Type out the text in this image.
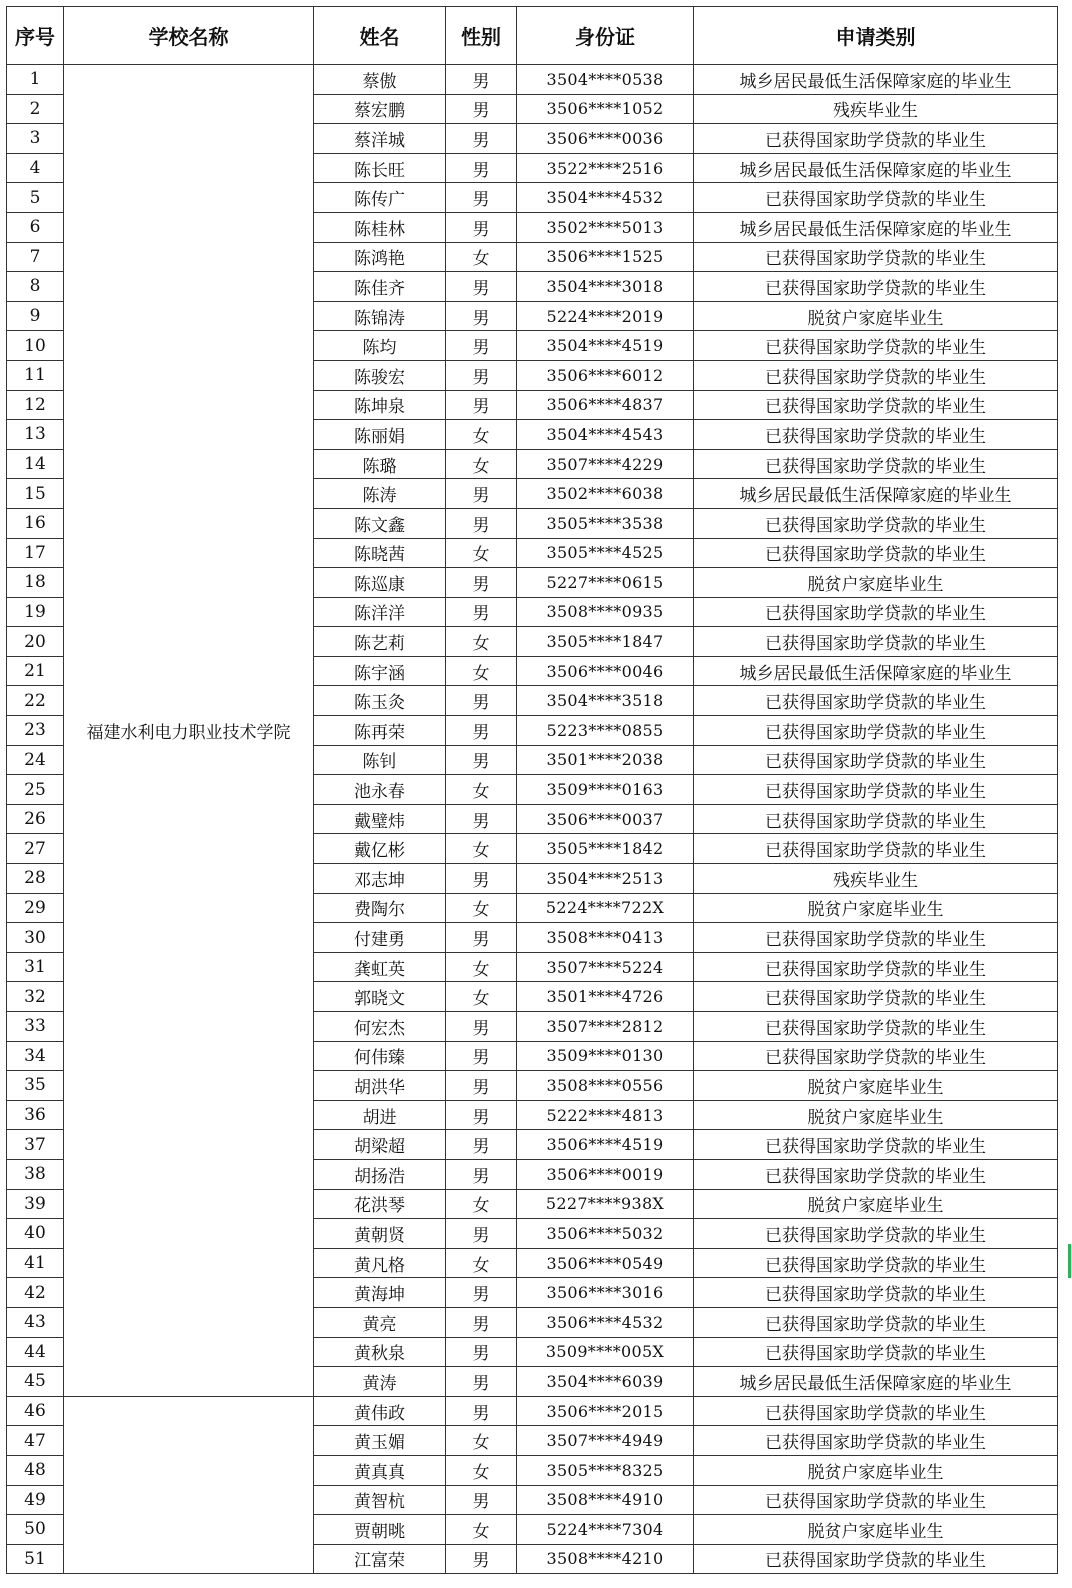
序号	学校名称	姓名	性别	身份证	申请类别
1	福建水利电力职业技术学院	蔡傲	男	3504****0538	城乡居民最低生活保障家庭的毕业生
2		蔡宏鹏	男	3506****1052	残疾毕业生
3		蔡洋城	男	3506****0036	已获得国家助学贷款的毕业生
4		陈长旺	男	3522****2516	城乡居民最低生活保障家庭的毕业生
5		陈传广	男	3504****4532	已获得国家助学贷款的毕业生
6		陈桂林	男	3502****5013	城乡居民最低生活保障家庭的毕业生
7		陈鸿艳	女	3506****1525	已获得国家助学贷款的毕业生
8		陈佳齐	男	3504****3018	已获得国家助学贷款的毕业生
9		陈锦涛	男	5224****2019	脱贫户家庭毕业生
10		陈均	男	3504****4519	已获得国家助学贷款的毕业生
11		陈骏宏	男	3506****6012	已获得国家助学贷款的毕业生
12		陈坤泉	男	3506****4837	已获得国家助学贷款的毕业生
13		陈丽娟	女	3504****4543	已获得国家助学贷款的毕业生
14		陈璐	女	3507****4229	已获得国家助学贷款的毕业生
15		陈涛	男	3502****6038	城乡居民最低生活保障家庭的毕业生
16		陈文鑫	男	3505****3538	已获得国家助学贷款的毕业生
17		陈晓茜	女	3505****4525	已获得国家助学贷款的毕业生
18		陈巡康	男	5227****0615	脱贫户家庭毕业生
19		陈洋洋	男	3508****0935	已获得国家助学贷款的毕业生
20		陈艺莉	女	3505****1847	已获得国家助学贷款的毕业生
21		陈宇涵	女	3506****0046	城乡居民最低生活保障家庭的毕业生
22		陈玉灸	男	3504****3518	已获得国家助学贷款的毕业生
23		陈再荣	男	5223****0855	已获得国家助学贷款的毕业生
24		陈钊	男	3501****2038	已获得国家助学贷款的毕业生
25		池永春	女	3509****0163	已获得国家助学贷款的毕业生
26		戴璧炜	男	3506****0037	已获得国家助学贷款的毕业生
27		戴亿彬	女	3505****1842	已获得国家助学贷款的毕业生
28		邓志坤	男	3504****2513	残疾毕业生
29		费陶尔	女	5224****722X	脱贫户家庭毕业生
30		付建勇	男	3508****0413	已获得国家助学贷款的毕业生
31		龚虹英	女	3507****5224	已获得国家助学贷款的毕业生
32		郭晓文	女	3501****4726	已获得国家助学贷款的毕业生
33		何宏杰	男	3507****2812	已获得国家助学贷款的毕业生
34		何伟臻	男	3509****0130	已获得国家助学贷款的毕业生
35		胡洪华	男	3508****0556	脱贫户家庭毕业生
36		胡进	男	5222****4813	脱贫户家庭毕业生
37		胡梁超	男	3506****4519	已获得国家助学贷款的毕业生
38		胡扬浩	男	3506****0019	已获得国家助学贷款的毕业生
39		花洪琴	女	5227****938X	脱贫户家庭毕业生
40		黄朝贤	男	3506****5032	已获得国家助学贷款的毕业生
41		黄凡格	女	3506****0549	已获得国家助学贷款的毕业生
42		黄海坤	男	3506****3016	已获得国家助学贷款的毕业生
43		黄亮	男	3506****4532	已获得国家助学贷款的毕业生
44		黄秋泉	男	3509****005X	已获得国家助学贷款的毕业生
45		黄涛	男	3504****6039	城乡居民最低生活保障家庭的毕业生
46		黄伟政	男	3506****2015	已获得国家助学贷款的毕业生
47		黄玉媚	女	3507****4949	已获得国家助学贷款的毕业生
48		黄真真	女	3505****8325	脱贫户家庭毕业生
49		黄智杭	男	3508****4910	已获得国家助学贷款的毕业生
50		贾朝晀	女	5224****7304	脱贫户家庭毕业生
51		江富荣	男	3508****4210	已获得国家助学贷款的毕业生
